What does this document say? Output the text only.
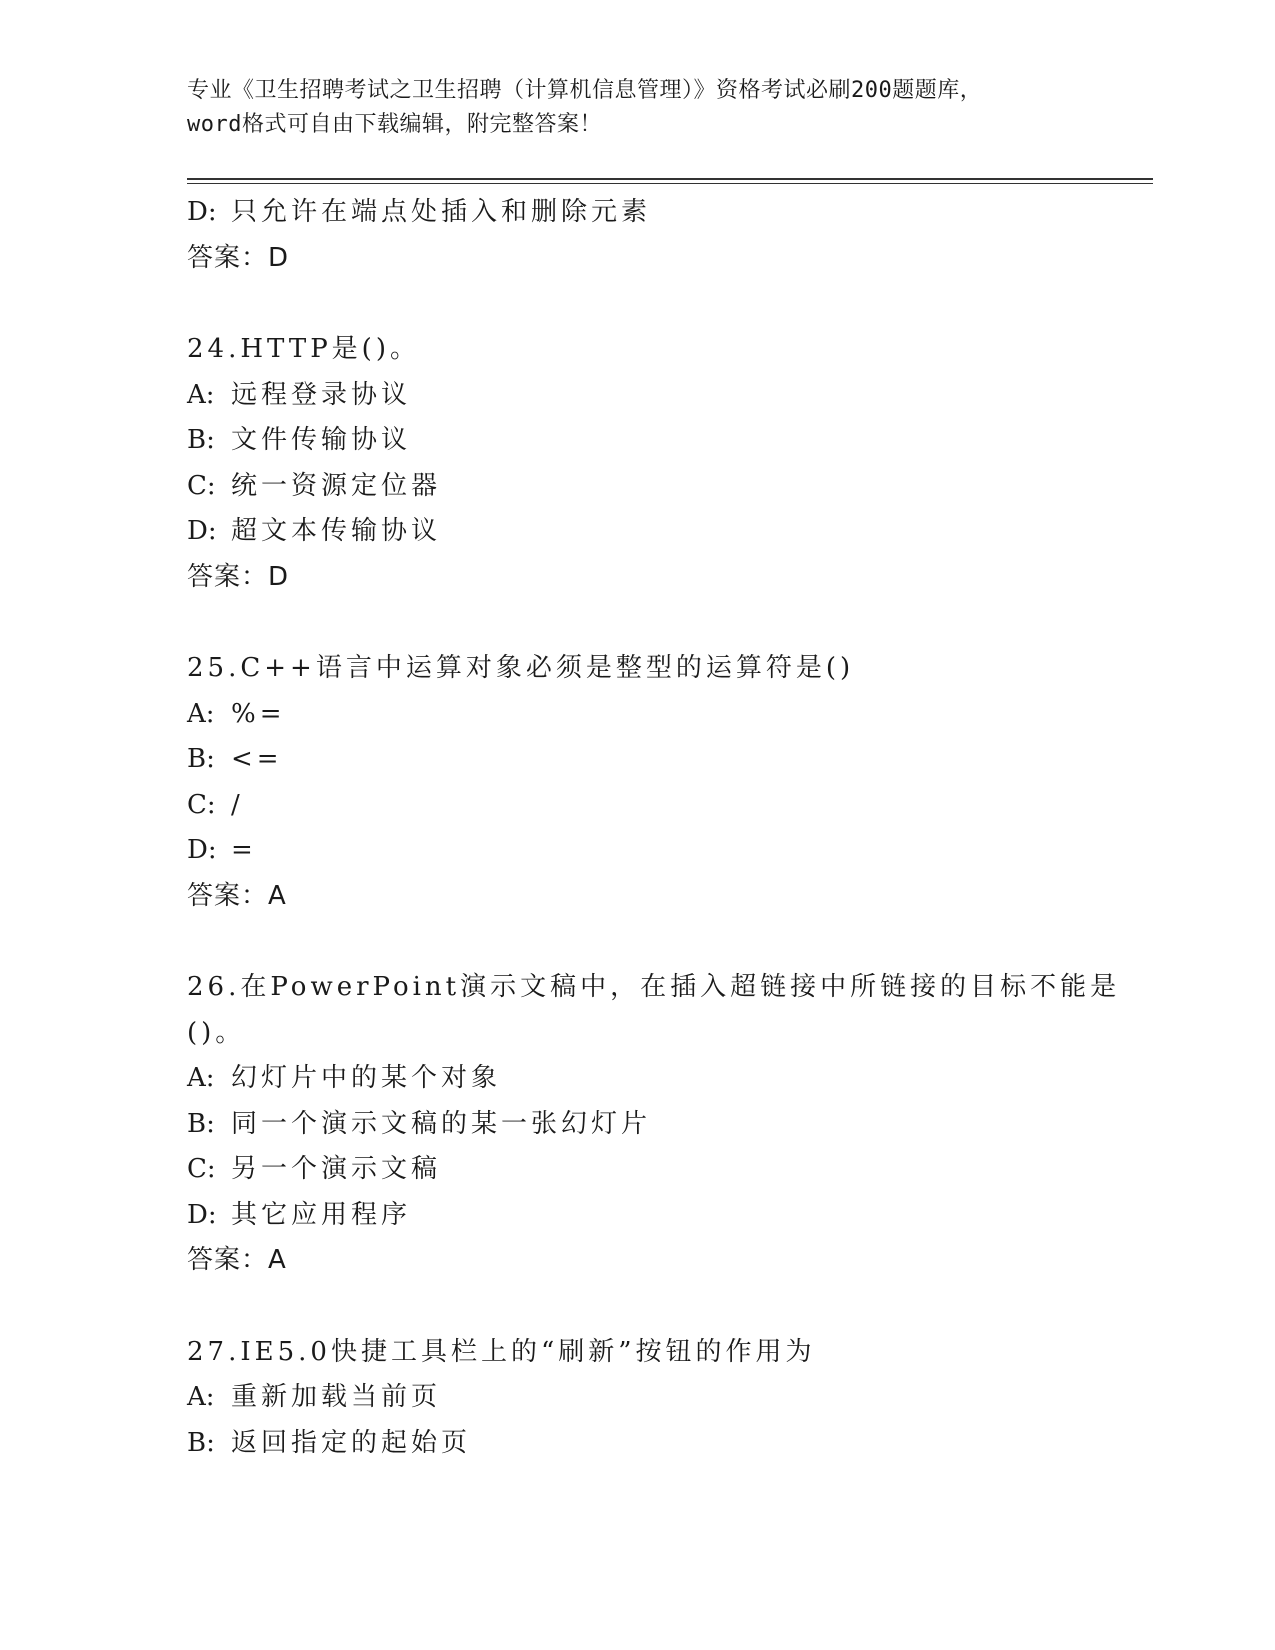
专业《卫生招聘考试之卫生招聘（计算机信息管理）》资格考试必刷200题题库，
word格式可自由下载编辑，附完整答案！
D: 只允许在端点处插入和删除元素
答案：D
24.HTTP是()。
A: 远程登录协议
B: 文件传输协议
C: 统一资源定位器
D: 超文本传输协议
答案：D
25.C++语言中运算对象必须是整型的运算符是()
A: %=
B: <=
C: /
D: =
答案：A
26.在PowerPoint演示文稿中，在插入超链接中所链接的目标不能是
()。
A: 幻灯片中的某个对象
B: 同一个演示文稿的某一张幻灯片
C: 另一个演示文稿
D: 其它应用程序
答案：A
27.IE5.0快捷工具栏上的“刷新”按钮的作用为
A: 重新加载当前页
B: 返回指定的起始页
